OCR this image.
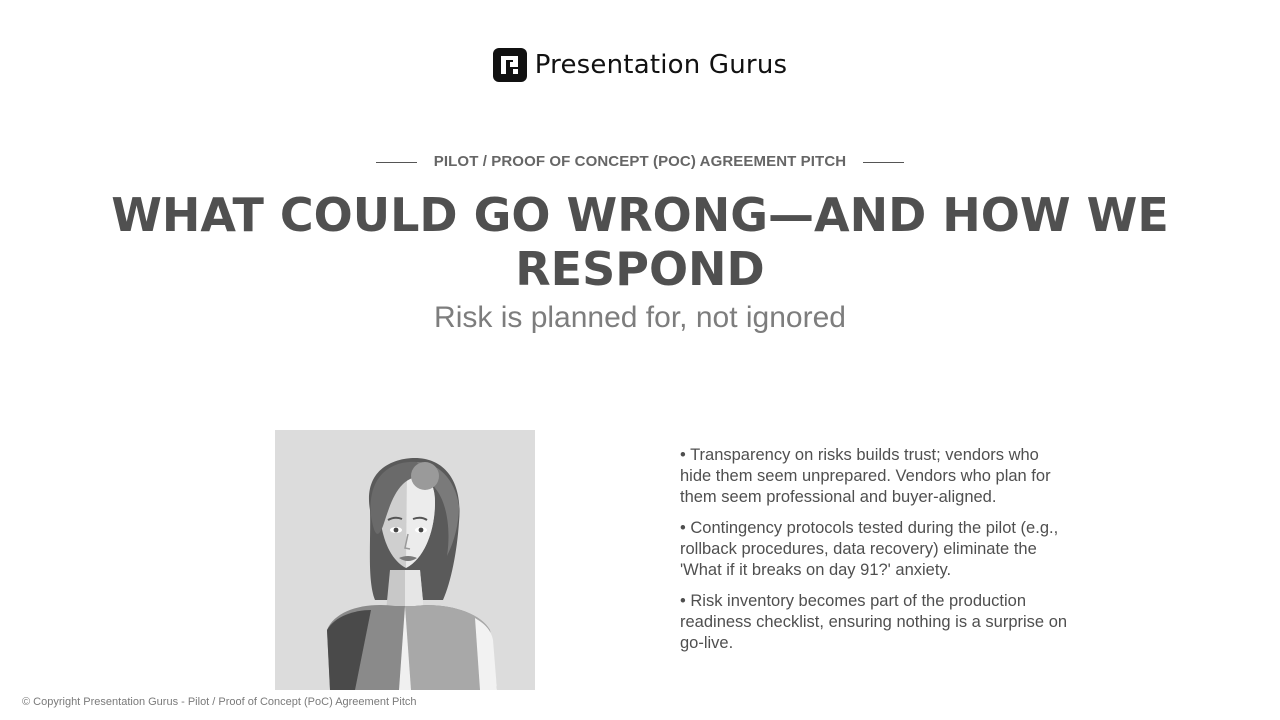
Presentation Gurus
PILOT / PROOF OF CONCEPT (POC) AGREEMENT PITCH
WHAT COULD GO WRONG—AND HOW WE RESPOND
Risk is planned for, not ignored
• Transparency on risks builds trust; vendors who hide them seem unprepared. Vendors who plan for them seem professional and buyer-aligned.
• Contingency protocols tested during the pilot (e.g., rollback procedures, data recovery) eliminate the 'What if it breaks on day 91?' anxiety.
• Risk inventory becomes part of the production readiness checklist, ensuring nothing is a surprise on go-live.
© Copyright Presentation Gurus - Pilot / Proof of Concept (PoC) Agreement Pitch
